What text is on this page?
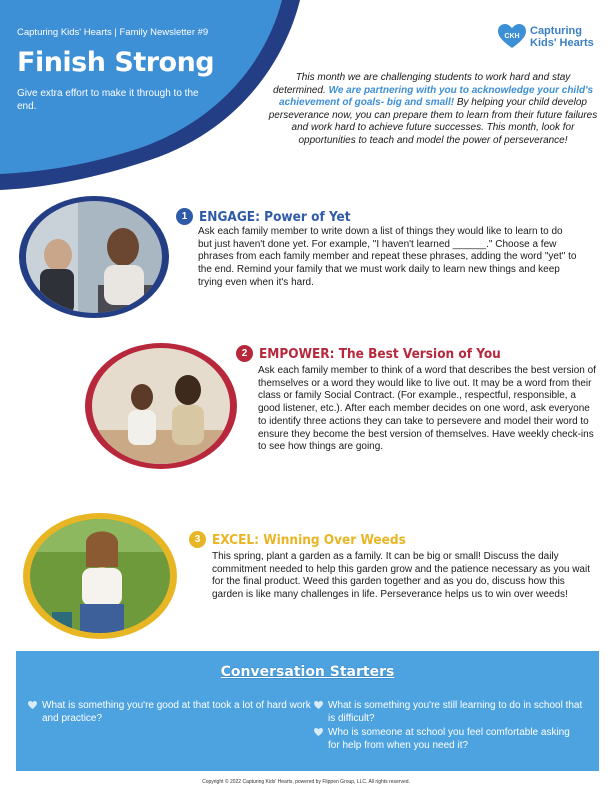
Capturing Kids' Hearts | Family Newsletter #9
Finish Strong
Give extra effort to make it through to the end.
CKH Capturing
Kids' Hearts
This month we are challenging students to work hard and stay determined. We are partnering with you to acknowledge your child's achievement of goals- big and small! By helping your child develop perseverance now, you can prepare them to learn from their future failures and work hard to achieve future successes. This month, look for opportunities to teach and model the power of perseverance!
1 ENGAGE: Power of Yet
Ask each family member to write down a list of things they would like to learn to do but just haven't done yet. For example, "I haven't learned ______." Choose a few phrases from each family member and repeat these phrases, adding the word "yet" to the end. Remind your family that we must work daily to learn new things and keep trying even when it's hard.
2 EMPOWER: The Best Version of You
Ask each family member to think of a word that describes the best version of themselves or a word they would like to live out. It may be a word from their class or family Social Contract. (For example., respectful, responsible, a good listener, etc.). After each member decides on one word, ask everyone to identify three actions they can take to persevere and model their word to ensure they become the best version of themselves. Have weekly check-ins to see how things are going.
3 EXCEL: Winning Over Weeds
This spring, plant a garden as a family. It can be big or small! Discuss the daily commitment needed to help this garden grow and the patience necessary as you wait for the final product. Weed this garden together and as you do, discuss how this garden is like many challenges in life. Perseverance helps us to win over weeds!
Conversation Starters
What is something you're good at that took a lot of hard work and practice?
What is something you're still learning to do in school that is difficult?
Who is someone at school you feel comfortable asking for help from when you need it?
Copyright © 2022 Capturing Kids' Hearts, powered by Flippen Group, LLC. All rights reserved.
